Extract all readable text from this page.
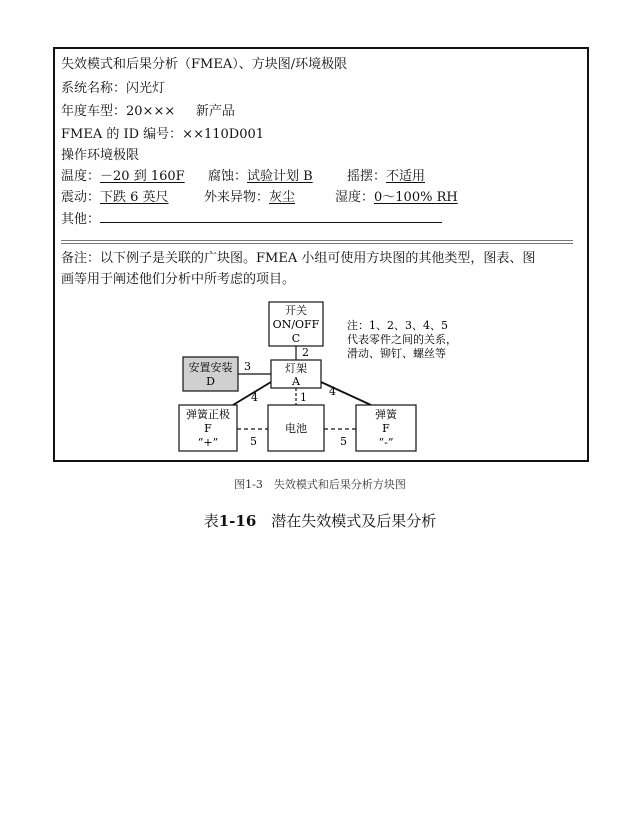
失效模式和后果分析（FMEA）、方块图/环境极限
系统名称：闪光灯
年度车型：20××× 新产品
FMEA 的 ID 编号：××110D001
操作环境极限
温度：－20 到 160F 腐蚀：试验计划 B	摇摆：不适用
震动：下跌 6 英尺	外来异物：灰尘	湿度：0～100% RH
其他：
备注：以下例子是关联的广块图。FMEA 小组可使用方块图的其他类型，图表、图
画等用于阐述他们分析中所考虑的项目。
开关
ON/OFF
C
灯架
A
安置安装
D
弹簧正极
F
“+”
电池
弹簧
F
“-”
2
3
1
4	4
5	5
注：1、2、3、4、5
代表零件之间的关系，
滑动、铆钉、螺丝等
图1-3　失效模式和后果分析方块图
表1-16　潜在失效模式及后果分析
